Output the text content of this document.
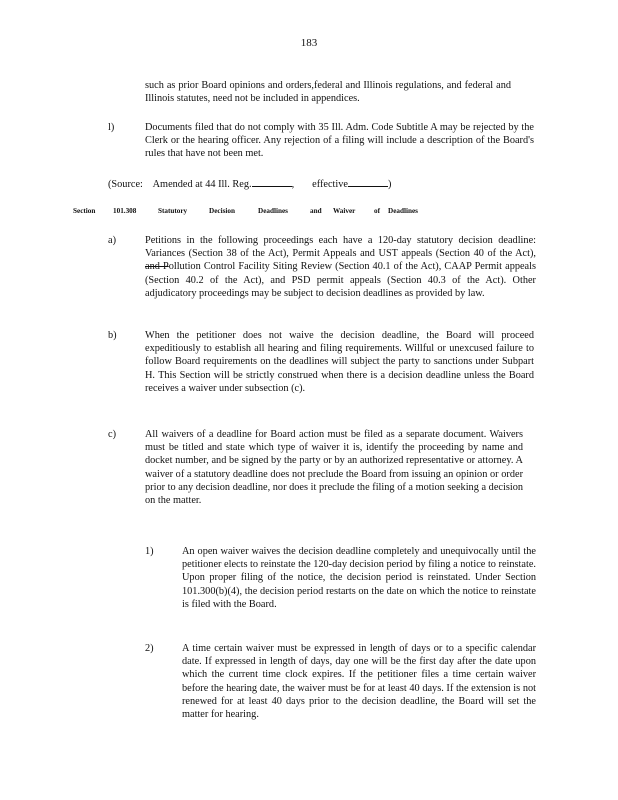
183
such as prior Board opinions and orders,federal and Illinois regulations, and federal and Illinois statutes, need not be included in appendices.
l)	Documents filed that do not comply with 35 Ill. Adm. Code Subtitle A may be rejected by the Clerk or the hearing officer. Any rejection of a filing will include a description of the Board's rules that have not been met.
(Source: Amended at 44 Ill. Reg.	,       effective	)
Section 101.308	Statutory	Decision	Deadlines	and Waiver	of Deadlines
a)	Petitions in the following proceedings each have a 120-day statutory decision deadline: Variances (Section 38 of the Act), Permit Appeals and UST appeals (Section 40 of the Act), and Pollution Control Facility Siting Review (Section 40.1 of the Act), CAAP Permit appeals (Section 40.2 of the Act), and PSD permit appeals (Section 40.3 of the Act). Other adjudicatory proceedings may be subject to decision deadlines as provided by law.
b)	When the petitioner does not waive the decision deadline, the Board will proceed expeditiously to establish all hearing and filing requirements. Willful or unexcused failure to follow Board requirements on the deadlines will subject the party to sanctions under Subpart H. This Section will be strictly construed when there is a decision deadline unless the Board receives a waiver under subsection (c).
c)	All waivers of a deadline for Board action must be filed as a separate document. Waivers must be titled and state which type of waiver it is, identify the proceeding by name and docket number, and be signed by the party or by an authorized representative or attorney. A waiver of a statutory deadline does not preclude the Board from issuing an opinion or order prior to any decision deadline, nor does it preclude the filing of a motion seeking a decision on the matter.
1)	An open waiver waives the decision deadline completely and unequivocally until the petitioner elects to reinstate the 120-day decision period by filing a notice to reinstate. Upon proper filing of the notice, the decision period is reinstated. Under Section 101.300(b)(4), the decision period restarts on the date on which the notice to reinstate is filed with the Board.
2)	A time certain waiver must be expressed in length of days or to a specific calendar date. If expressed in length of days, day one will be the first day after the date upon which the current time clock expires. If the petitioner files a time certain waiver before the hearing date, the waiver must be for at least 40 days. If the extension is not renewed for at least 40 days prior to the decision deadline, the Board will set the matter for hearing.
